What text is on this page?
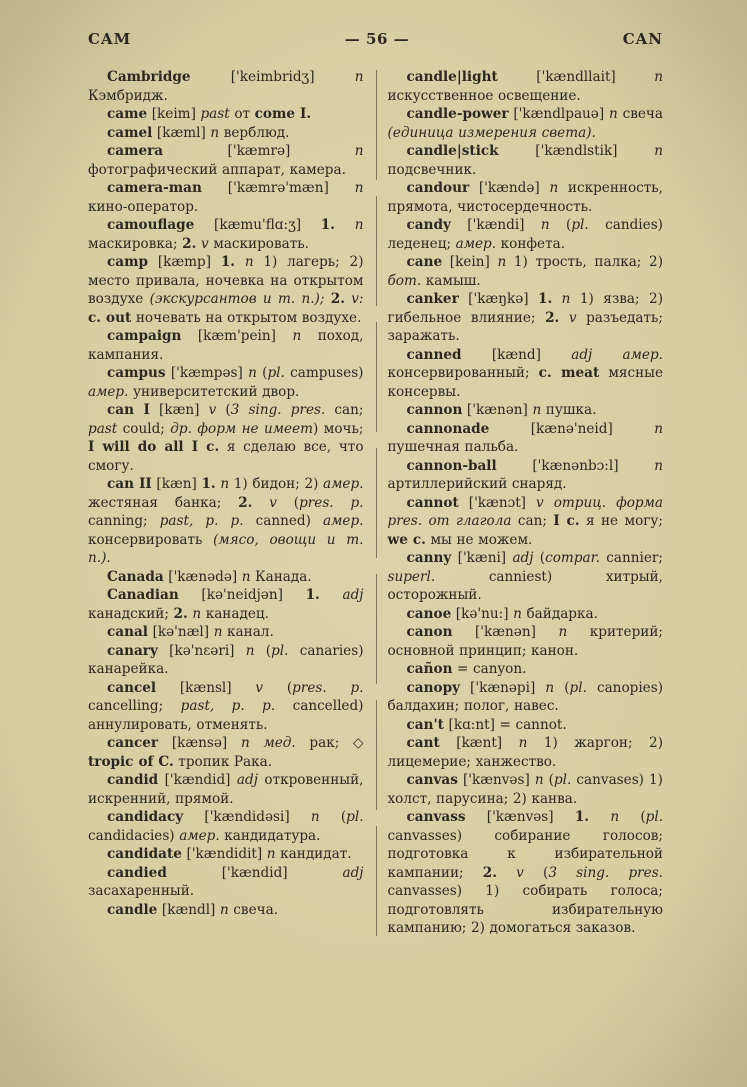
CAM	— 56 —	CAN

Cambridge ['keimbridʒ] n Кэмбридж.

came [keim] past от come I.

camel [kæml] n верблюд.

camera ['kæmrə] n фотографический аппарат, камера.

camera-man ['kæmrə'mæn] n кино-оператор.

camouflage [kæmu'flɑ:ʒ] 1. n маскировка; 2. v маскировать.

camp [kæmp] 1. n 1) лагерь; 2) место привала, ночевка на открытом воздухе (экскурсантов и т. п.); 2. v: c. out ночевать на открытом воздухе.

campaign [kæm'pein] n поход, кампания.

campus ['kæmpəs] n (pl. campuses) амер. университетский двор.

can I [kæn] v (3 sing. pres. can; past could; др. форм не имеет) мочь; I will do all I c. я сделаю все, что смогу.

can II [kæn] 1. n 1) бидон; 2) амер. жестяная банка; 2. v (pres. p. canning; past, p. p. canned) амер. консервировать (мясо, овощи и т. п.).

Canada ['kænədə] n Канада.

Canadian [kə'neidjən] 1. adj канадский; 2. n канадец.

canal [kə'næl] n канал.

canary [kə'nɛəri] n (pl. canaries) канарейка.

cancel [kænsl] v (pres. p. cancelling; past, p. p. cancelled) аннулировать, отменять.

cancer [kænsə] n мед. рак; ◇ tropic of C. тропик Рака.

candid ['kændid] adj откровенный, искренний, прямой.

candidacy ['kændidəsi] n (pl. candidacies) амер. кандидатура.

candidate ['kændidit] n кандидат.

candied ['kændid] adj засахаренный.

candle [kændl] n свеча.

candle|light ['kændllait] n искусственное освещение.

candle-power ['kændlpauə] n свеча (единица измерения света).

candle|stick ['kændlstik] n подсвечник.

candour ['kændə] n искренность, прямота, чистосердечность.

candy ['kændi] n (pl. candies) леденец; амер. конфета.

cane [kein] n 1) трость, палка; 2) бот. камыш.

canker ['kæŋkə] 1. n 1) язва; 2) гибельное влияние; 2. v разъедать; заражать.

canned [kænd] adj амер. консервированный; c. meat мясные консервы.

cannon ['kænən] n пушка.

cannonade [kænə'neid] n пушечная пальба.

cannon-ball ['kænənbɔ:l] n артиллерийский снаряд.

cannot ['kænɔt] v отриц. форма pres. от глагола can; I c. я не могу; we c. мы не можем.

canny ['kæni] adj (compar. cannier; superl. canniest) хитрый, осторожный.

canoe [kə'nu:] n байдарка.

canon ['kænən] n критерий; основной принцип; канон.

cañon = canyon.

canopy ['kænəpi] n (pl. canopies) балдахин; полог, навес.

can't [kɑ:nt] = cannot.

cant [kænt] n 1) жаргон; 2) лицемерие; ханжество.

canvas ['kænvəs] n (pl. canvases) 1) холст, парусина; 2) канва.

canvass ['kænvəs] 1. n (pl. canvasses) собирание голосов; подготовка к избирательной кампании; 2. v (3 sing. pres. canvasses) 1) собирать голоса; подготовлять избирательную кампанию; 2) домогаться заказов.
